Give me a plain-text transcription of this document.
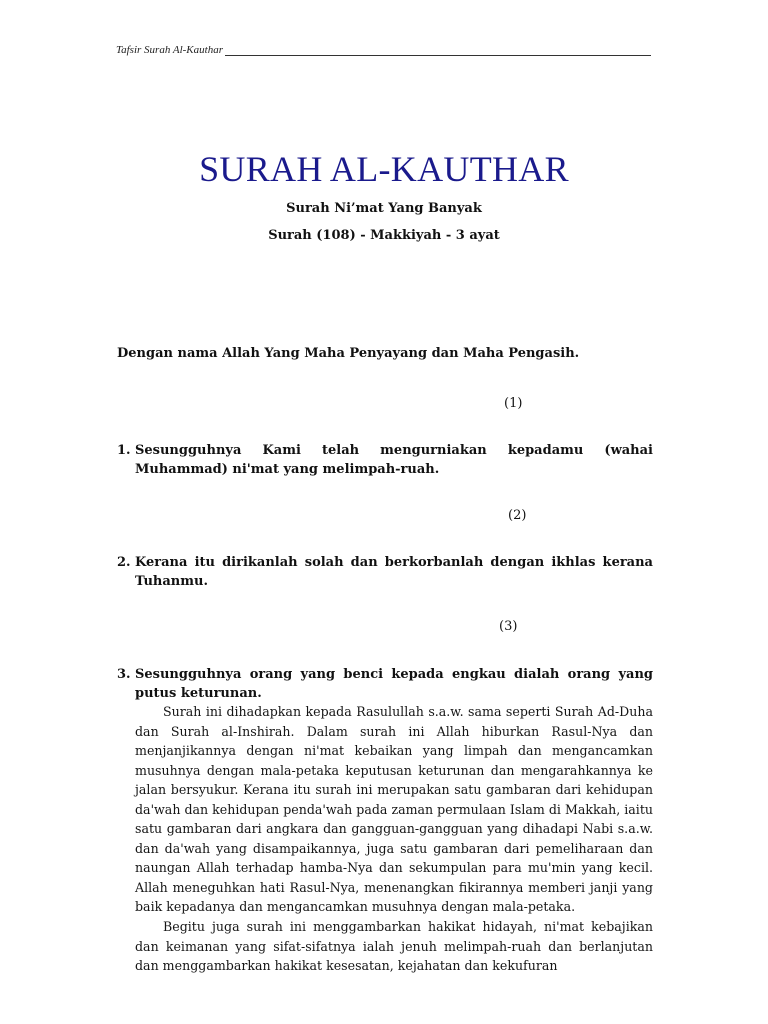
Tafsir Surah Al-Kauthar
SURAH AL-KAUTHAR
Surah Ni’mat Yang Banyak
Surah (108) - Makkiyah - 3 ayat
Dengan nama Allah Yang Maha Penyayang dan Maha Pengasih.
(1)
1. Sesungguhnya Kami telah mengurniakan kepadamu (wahai Muhammad) ni'mat yang melimpah-ruah.
(2)
2. Kerana itu dirikanlah solah dan berkorbanlah dengan ikhlas kerana Tuhanmu.
(3)
3. Sesungguhnya orang yang benci kepada engkau dialah orang yang putus keturunan.

Surah ini dihadapkan kepada Rasulullah s.a.w. sama seperti Surah Ad-Duha dan Surah al-Inshirah. Dalam surah ini Allah hiburkan Rasul-Nya dan menjanjikannya dengan ni'mat kebaikan yang limpah dan mengancamkan musuhnya dengan mala-petaka keputusan keturunan dan mengarahkannya ke jalan bersyukur. Kerana itu surah ini merupakan satu gambaran dari kehidupan da'wah dan kehidupan penda'wah pada zaman permulaan Islam di Makkah, iaitu satu gambaran dari angkara dan gangguan-gangguan yang dihadapi Nabi s.a.w. dan da'wah yang disampaikannya, juga satu gambaran dari pemeliharaan dan naungan Allah terhadap hamba-Nya dan sekumpulan para mu'min yang kecil. Allah meneguhkan hati Rasul-Nya, menenangkan fikirannya memberi janji yang baik kepadanya dan mengancamkan musuhnya dengan mala-petaka.

Begitu juga surah ini menggambarkan hakikat hidayah, ni'mat kebajikan dan keimanan yang sifat-sifatnya ialah jenuh melimpah-ruah dan berlanjutan dan menggambarkan hakikat kesesatan, kejahatan dan kekufuran
